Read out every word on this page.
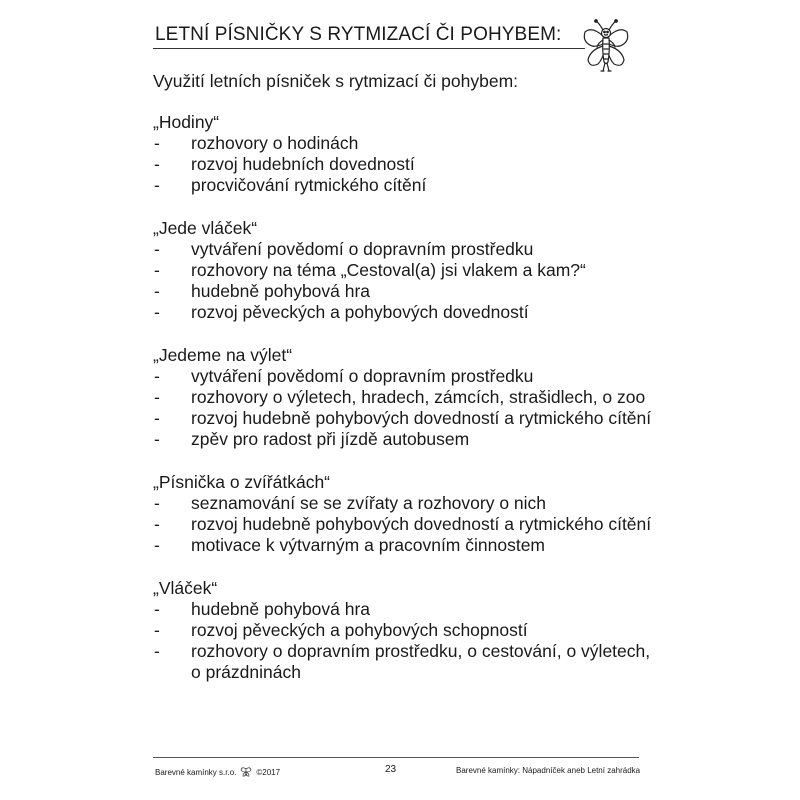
LETNÍ PÍSNIČKY S RYTMIZACÍ ČI POHYBEM:
Využití letních písniček s rytmizací či pohybem:
„Hodiny“
- rozhovory o hodinách
- rozvoj hudebních dovedností
- procvičování rytmického cítění
„Jede vláček“
- vytváření povědomí o dopravním prostředku
- rozhovory na téma „Cestoval(a) jsi vlakem a kam?“
- hudebně pohybová hra
- rozvoj pěveckých a pohybových dovedností
„Jedeme na výlet“
- vytváření povědomí o dopravním prostředku
- rozhovory o výletech, hradech, zámcích, strašidlech, o zoo
- rozvoj hudebně pohybových dovedností a rytmického cítění
- zpěv pro radost při jízdě autobusem
„Písnička o zvířátkách“
- seznamování se se zvířaty a rozhovory o nich
- rozvoj hudebně pohybových dovedností a rytmického cítění
- motivace k výtvarným a pracovním činnostem
„Vláček“
- hudebně pohybová hra
- rozvoj pěveckých a pohybových schopností
- rozhovory o dopravním prostředku, o cestování, o výletech,
o prázdninách
Barevné kamínky s.r.o.	©2017	23	Barevné kamínky: Nápadníček aneb Letní zahrádka
